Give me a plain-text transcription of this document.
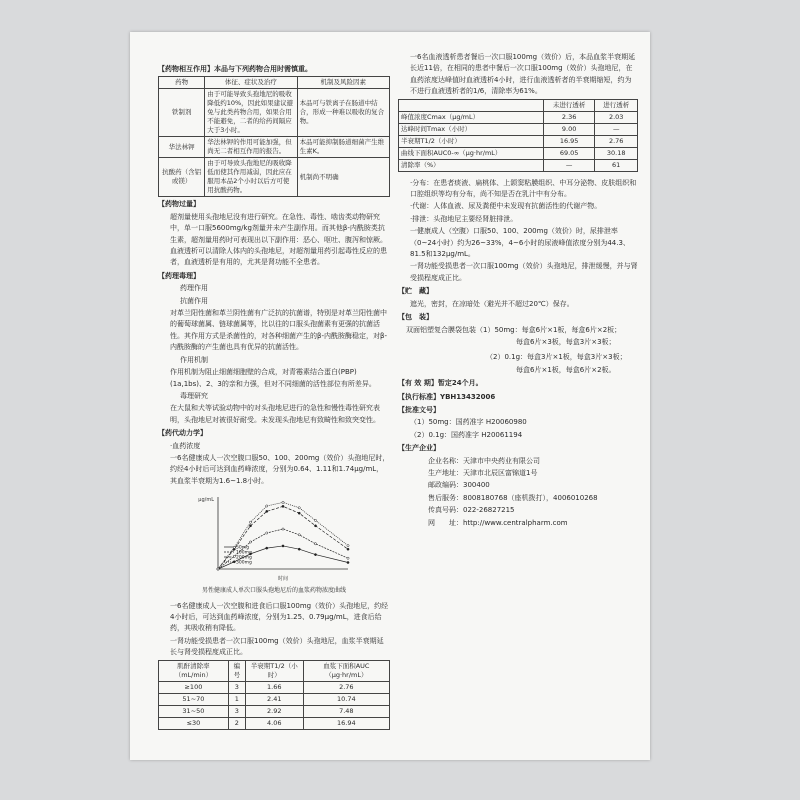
【药物相互作用】本品与下列药物合用时需慎重。

药物	体征、症状及治疗	机制及风险因素
铁制剂	由于可能导致头孢地尼的吸收降低约10%，因此如果建议避免与此类药物合用，如果合用不能避免，二者的给药间隔应大于3小时。	本品可与铁离子在肠道中结合，形成一种难以吸收的复合物。
华法林钾	华法林钾的作用可能加强，但尚无二者相互作用的报告。	本品可能抑制肠道细菌产生维生素K。
抗酸药（含铝或镁）	由于可导致头孢地尼的吸收降低而使其作用减弱，因此应在服用本品2个小时以后方可使用抗酸药物。	机制尚不明确

【药物过量】

超剂量使用头孢地尼没有进行研究。在急性、毒性、啮齿类动物研究中，单一口服5600mg/kg剂量并未产生副作用。而其他β-内酰胺类抗生素，超剂量用药时可表现出以下副作用：恶心、呕吐、腹泻和惊厥。血液透析可以清除人体内的头孢地尼，对超剂量用药引起毒性反应的患者，血液透析是有用的，尤其是肾功能不全患者。

【药理毒理】

药理作用

抗菌作用

对革兰阳性菌和革兰阴性菌有广泛抗的抗菌谱，特别是对革兰阳性菌中的葡萄球菌属、链球菌属等，比以往的口服头孢菌素有更强的抗菌活性。其作用方式是杀菌性的，对各种细菌产生的β-内酰胺酶稳定，对β-内酰胺酶的产生菌也具有优异的抗菌活性。

作用机制

作用机制为阻止细菌细胞壁的合成，对青霉素结合蛋白(PBP)(1a,1bs)、2、3的亲和力强，但对不同细菌的活性部位有所差异。

毒理研究

在大鼠和犬等试验动物中的对头孢地尼进行的急性和慢性毒性研究表明，头孢地尼对被很好耐受。未发现头孢地尼有致畸性和致突变性。

【药代动力学】

·血药浓度

一6名健康成人一次空腹口服50、100、200mg（效价）头孢地尼时，约经4小时后可达到血药峰浓度，分别为0.64、1.11和1.74μg/mL，其血浆半衰期为1.6~1.8小时。

μg/mL
时间
50mg
100mg
200mg
300mg

男性健康成人单次口服头孢地尼后的血浆药物浓度曲线

一6名健康成人一次空腹和进食后口服100mg（效价）头孢地尼，约经4小时后，可达到血药峰浓度，分别为1.25、0.79μg/mL，进食后给药，其吸收稍有降低。

一肾功能受损患者一次口服100mg（效价）头孢地尼，血浆半衰期延长与肾受损程度成正比。

肌酐清除率（mL/min）	编号	半衰期T1/2（小时）	血浆下面积AUC（μg·hr/mL）
≥100	3	1.66	2.76
51~70	1	2.41	10.74
31~50	3	2.92	7.48
≤30	2	4.06	16.94

一6名血液透析患者餐后一次口服100mg（效价）后，本品血浆半衰期延长近11倍，在相同的患者中餐后一次口服100mg（效价）头孢地尼，在血药浓度达峰值时血液透析4小时，进行血液透析者的半衰期缩短，约为不进行血液透析者的1/6，清除率为61%。

	未进行透析	进行透析
峰值浓度Cmax（μg/mL）	2.36	2.03
达峰时间Tmax（小时）	9.00	—
半衰期T1/2（小时）	16.95	2.76
曲线下面积AUC0-∞（μg·hr/mL）	69.05	30.18
清除率（%）	—	61

·分布：在患者痰液、扁桃体、上颌窦粘膜组织、中耳分泌物、皮肤组织和口腔组织等均有分布，尚不知是否在乳汁中有分布。

·代谢：人体血液、尿及粪便中未发现有抗菌活性的代谢产物。

·排泄：头孢地尼主要经肾脏排泄。

一健康成人（空腹）口服50、100、200mg（效价）时，尿排泄率（0~24小时）约为26~33%，4~6小时的尿液峰值浓度分别为44.3、81.5和132μg/mL。

一肾功能受损患者一次口服100mg（效价）头孢地尼，排泄缓慢，并与肾受损程度成正比。

【贮　藏】

遮光，密封，在凉暗处（避光并不超过20℃）保存。

【包　装】

双面铝塑复合膜袋包装（1）50mg：每盒6片×1板，每盒6片×2板；

每盒6片×3板，每盒3片×3板；

（2）0.1g：每盒3片×1板，每盒3片×3板；

每盒6片×1板，每盒6片×2板。

【有 效 期】暂定24个月。

【执行标准】YBH13432006

【批准文号】

（1）50mg：国药准字 H20060980

（2）0.1g：国药准字 H20061194

【生产企业】

企业名称：天津市中央药业有限公司

生产地址：天津市北辰区富锦道1号

邮政编码：300400

售后服务：8008180768（座机拨打），4006010268

传真号码：022-26827215

网　　址：http://www.centralpharm.com
